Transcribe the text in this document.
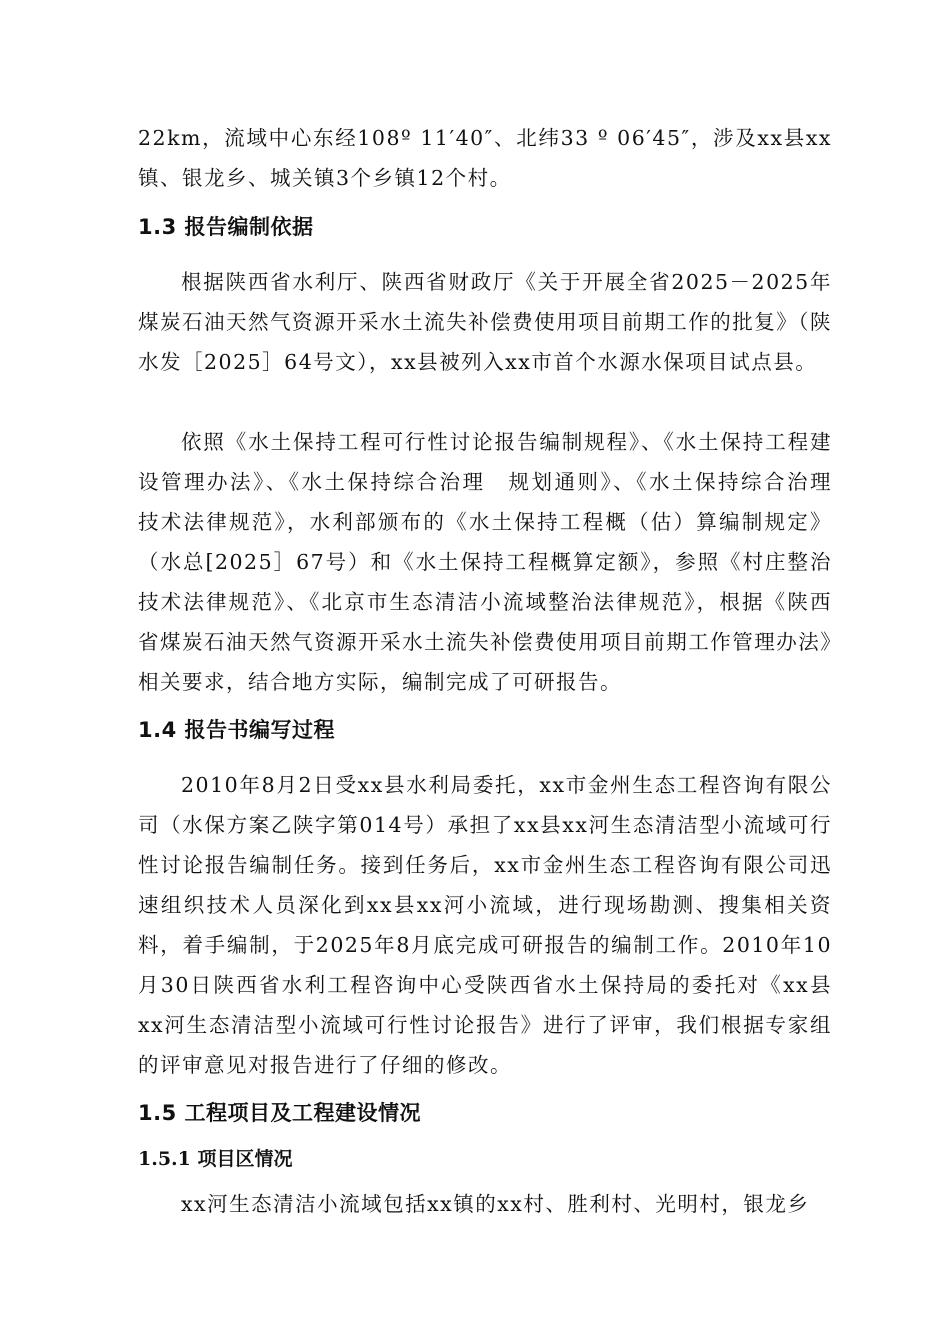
22km，流域中心东经108º 11′40″、北纬33 º 06′45″，涉及xx县xx镇、银龙乡、城关镇3个乡镇12个村。

1.3 报告编制依据

根据陕西省水利厅、陕西省财政厅《关于开展全省2025－2025年煤炭石油天然气资源开采水土流失补偿费使用项目前期工作的批复》（陕水发［2025］64号文），xx县被列入xx市首个水源水保项目试点县。

依照《水土保持工程可行性讨论报告编制规程》、《水土保持工程建设管理办法》、《水土保持综合治理　规划通则》、《水土保持综合治理　技术法律规范》，水利部颁布的《水土保持工程概（估）算编制规定》（水总[2025］67号）和《水土保持工程概算定额》，参照《村庄整治技术法律规范》、《北京市生态清洁小流域整治法律规范》，根据《陕西省煤炭石油天然气资源开采水土流失补偿费使用项目前期工作管理办法》相关要求，结合地方实际，编制完成了可研报告。

1.4 报告书编写过程

2010年8月2日受xx县水利局委托，xx市金州生态工程咨询有限公司（水保方案乙陕字第014号）承担了xx县xx河生态清洁型小流域可行性讨论报告编制任务。接到任务后，xx市金州生态工程咨询有限公司迅速组织技术人员深化到xx县xx河小流域，进行现场勘测、搜集相关资料，着手编制，于2025年8月底完成可研报告的编制工作。2010年10月30日陕西省水利工程咨询中心受陕西省水土保持局的委托对《xx县xx河生态清洁型小流域可行性讨论报告》进行了评审，我们根据专家组的评审意见对报告进行了仔细的修改。

1.5 工程项目及工程建设情况
1.5.1 项目区情况

xx河生态清洁小流域包括xx镇的xx村、胜利村、光明村，银龙乡
